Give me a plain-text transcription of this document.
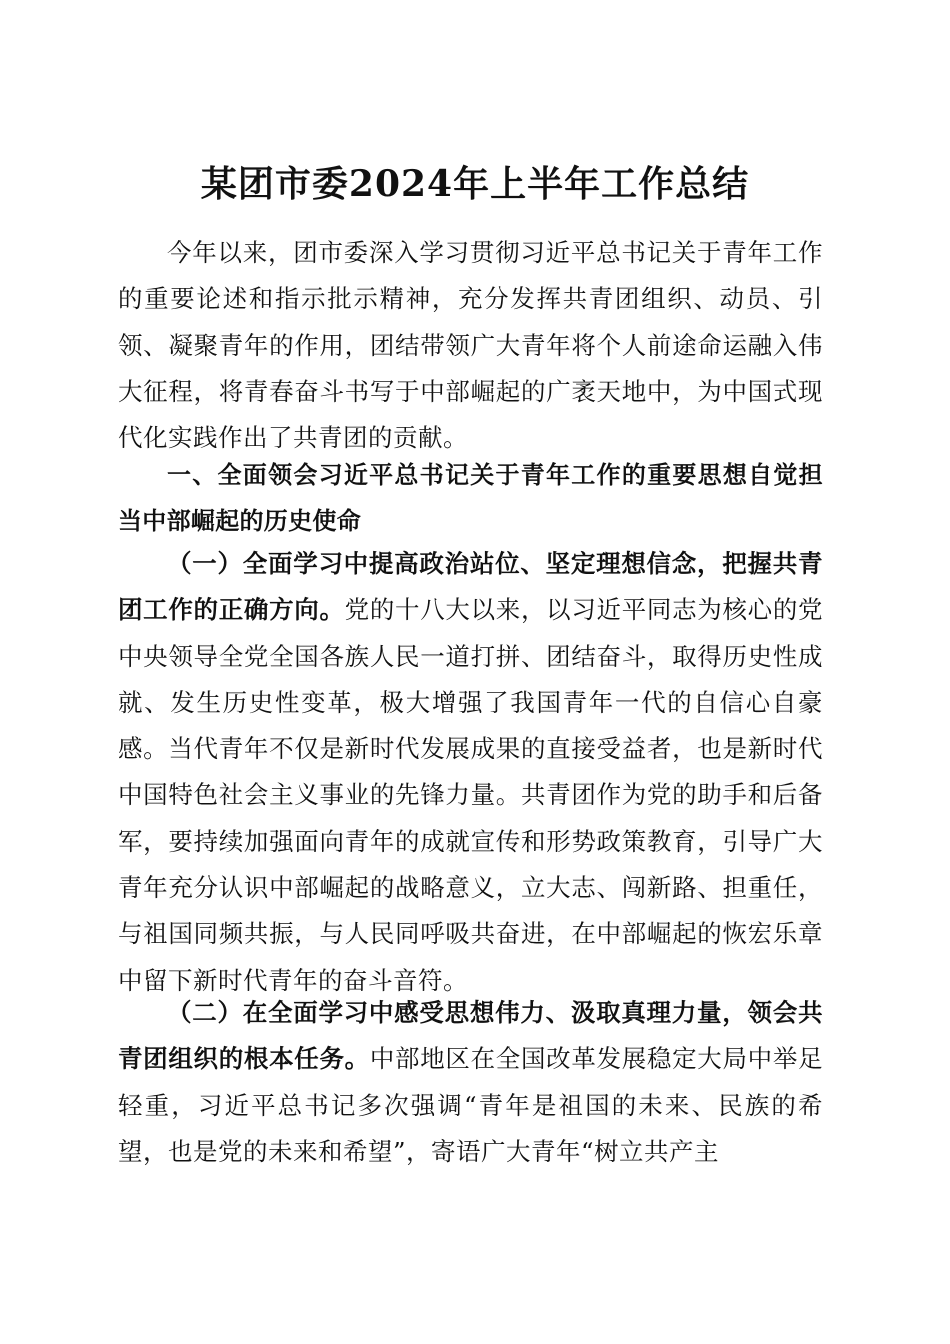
某团市委2024年上半年工作总结

今年以来，团市委深入学习贯彻习近平总书记关于青年工作的重要论述和指示批示精神，充分发挥共青团组织、动员、引领、凝聚青年的作用，团结带领广大青年将个人前途命运融入伟大征程，将青春奋斗书写于中部崛起的广袤天地中，为中国式现代化实践作出了共青团的贡献。

一、全面领会习近平总书记关于青年工作的重要思想自觉担当中部崛起的历史使命

（一）全面学习中提高政治站位、坚定理想信念，把握共青团工作的正确方向。党的十八大以来，以习近平同志为核心的党中央领导全党全国各族人民一道打拼、团结奋斗，取得历史性成就、发生历史性变革，极大增强了我国青年一代的自信心自豪感。当代青年不仅是新时代发展成果的直接受益者，也是新时代中国特色社会主义事业的先锋力量。共青团作为党的助手和后备军，要持续加强面向青年的成就宣传和形势政策教育，引导广大青年充分认识中部崛起的战略意义，立大志、闯新路、担重任，与祖国同频共振，与人民同呼吸共奋进，在中部崛起的恢宏乐章中留下新时代青年的奋斗音符。

（二）在全面学习中感受思想伟力、汲取真理力量，领会共青团组织的根本任务。中部地区在全国改革发展稳定大局中举足轻重，习近平总书记多次强调“青年是祖国的未来、民族的希望，也是党的未来和希望”，寄语广大青年“树立共产主
